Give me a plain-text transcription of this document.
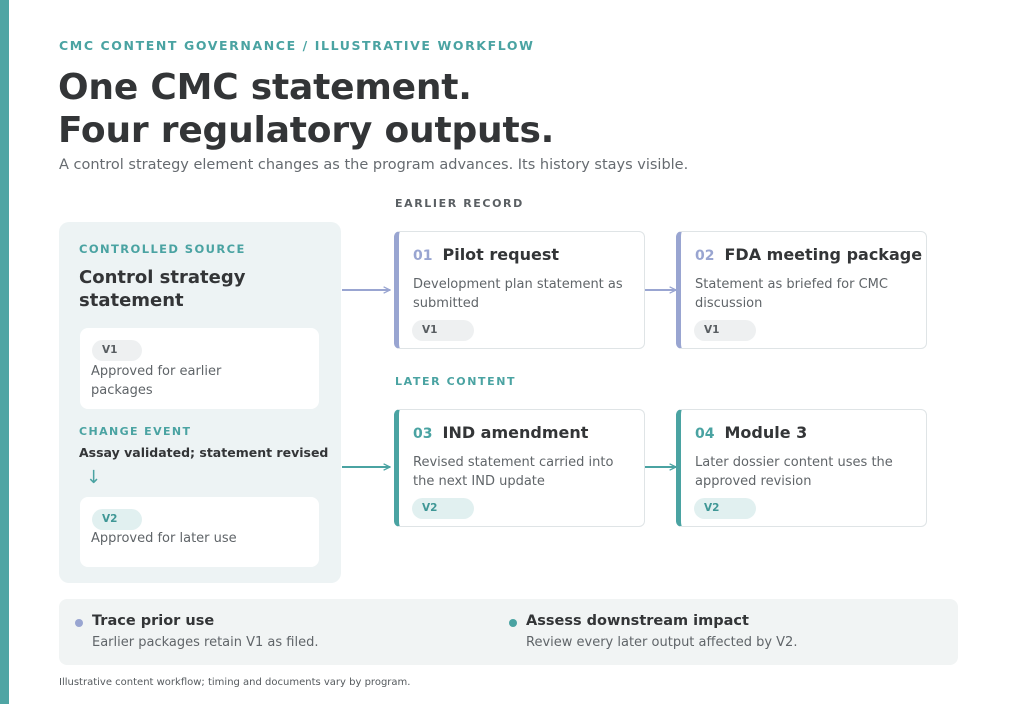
CMC CONTENT GOVERNANCE / ILLUSTRATIVE WORKFLOW
One CMC statement.
Four regulatory outputs.
A control strategy element changes as the program advances. Its history stays visible.
EARLIER RECORD
LATER CONTENT
CONTROLLED SOURCE
Control strategy statement
V1
Approved for earlier packages
CHANGE EVENT
Assay validated; statement revised
↓
V2
Approved for later use
01 Pilot request
Development plan statement as submitted
V1
02 FDA meeting package
Statement as briefed for CMC discussion
V1
03 IND amendment
Revised statement carried into the next IND update
V2
04 Module 3
Later dossier content uses the approved revision
V2
Trace prior use
Earlier packages retain V1 as filed.
Assess downstream impact
Review every later output affected by V2.
Illustrative content workflow; timing and documents vary by program.
